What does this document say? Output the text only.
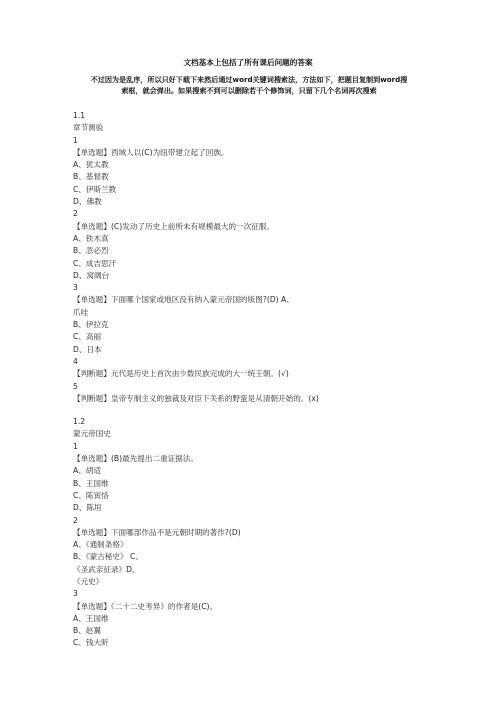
文档基本上包括了所有课后问题的答案
不过因为是乱序，所以只好下载下来然后通过word关键词搜索法，方法如下，把题目复制到word搜
索框，就会弹出。如果搜索不到可以删除若干个修饰词，只留下几个名词再次搜索
1.1
章节测验
1
【单选题】西域人以(C)为纽带建立起了回族。
A、犹太教
B、基督教
C、伊斯兰教
D、佛教
2
【单选题】(C)发动了历史上前所未有规模最大的一次征服。
A、铁木真
B、忽必烈
C、成吉思汗
D、窝阔台
3
【单选题】下面哪个国家或地区没有纳入蒙元帝国的版图?(D) A、
爪哇
B、伊拉克
C、高丽
D、日本
4
【判断题】元代是历史上首次由少数民族完成的大一统王朝。(√)
5
【判断题】皇帝专制主义的独裁及对臣下关系的野蛮是从清朝开始的。(x)
1.2
蒙元帝国史
1
【单选题】(B)最先提出二重证据法。
A、胡适
B、王国维
C、陈寅恪
D、陈垣
2
【单选题】下面哪部作品不是元朝时期的著作?(D)
A、《通制条格》
B、《蒙古秘史》 C、
《圣武亲征录》D、
《元史》
3
【单选题】《二十二史考异》的作者是(C)。
A、王国维
B、赵翼
C、钱大昕
